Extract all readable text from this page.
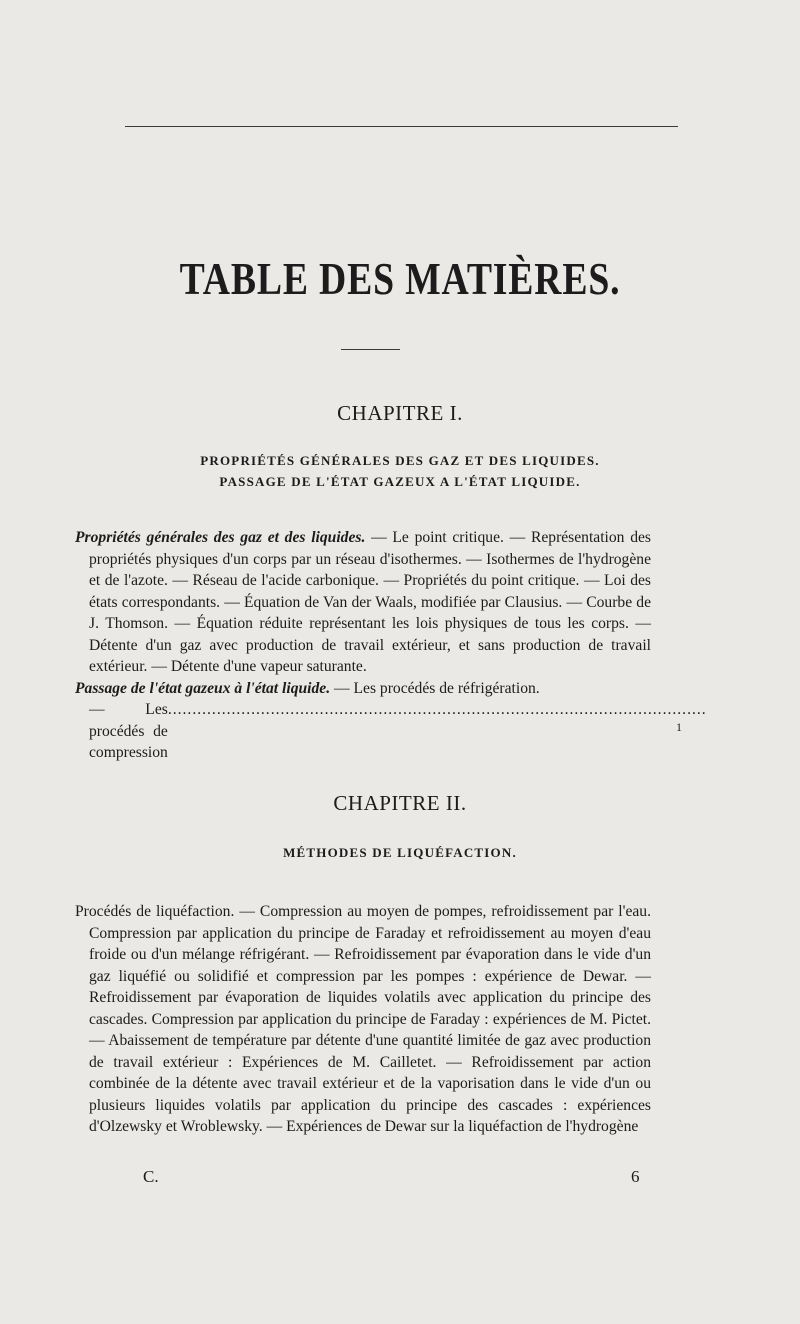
TABLE DES MATIÈRES.
CHAPITRE I.
PROPRIÉTÉS GÉNÉRALES DES GAZ ET DES LIQUIDES.
PASSAGE DE L'ÉTAT GAZEUX A L'ÉTAT LIQUIDE.
Propriétés générales des gaz et des liquides. — Le point critique. — Représentation des propriétés physiques d'un corps par un réseau d'isothermes. — Isothermes de l'hydrogène et de l'azote. — Réseau de l'acide carbonique. — Propriétés du point critique. — Loi des états correspondants. — Équation de Van der Waals, modifiée par Clausius. — Courbe de J. Thomson. — Équation réduite représentant les lois physiques de tous les corps. — Détente d'un gaz avec production de travail extérieur, et sans production de travail extérieur. — Détente d'une vapeur saturante.
Passage de l'état gazeux à l'état liquide. — Les procédés de réfrigération.
— Les procédés de compression
..............................................................................................................
1
CHAPITRE II.
MÉTHODES DE LIQUÉFACTION.
Procédés de liquéfaction. — Compression au moyen de pompes, refroidissement par l'eau. Compression par application du principe de Faraday et refroidissement au moyen d'eau froide ou d'un mélange réfrigérant. — Refroidissement par évaporation dans le vide d'un gaz liquéfié ou solidifié et compression par les pompes : expérience de Dewar. — Refroidissement par évaporation de liquides volatils avec application du principe des cascades. Compression par application du principe de Faraday : expériences de M. Pictet. — Abaissement de température par détente d'une quantité limitée de gaz avec production de travail extérieur : Expériences de M. Cailletet. — Refroidissement par action combinée de la détente avec travail extérieur et de la vaporisation dans le vide d'un ou plusieurs liquides volatils par application du principe des cascades : expériences d'Olzewsky et Wroblewsky. — Expériences de Dewar sur la liquéfaction de l'hydrogène
C.	6
